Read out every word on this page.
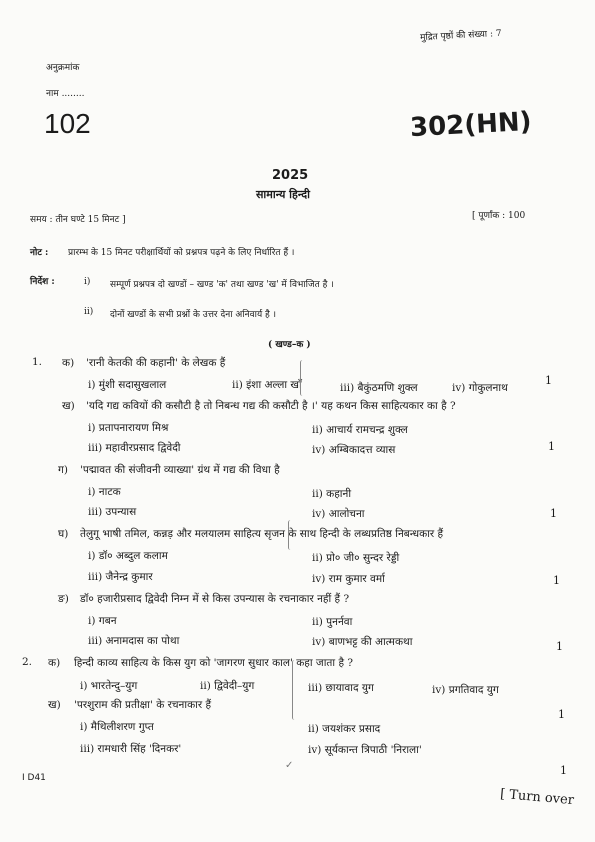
मुद्रित पृष्ठों की संख्या : 7
अनुक्रमांक
नाम ........
102	302(HN)
2025
सामान्य हिन्दी
समय : तीन घण्टे 15 मिनट ]	[ पूर्णांक : 100
नोट : प्रारम्भ के 15 मिनट परीक्षार्थियों को प्रश्नपत्र पढ़ने के लिए निर्धारित हैं ।
निर्देश :	i) सम्पूर्ण प्रश्नपत्र दो खण्डों – खण्ड 'क' तथा खण्ड 'ख' में विभाजित है ।
ii) दोनों खण्डों के सभी प्रश्नों के उत्तर देना अनिवार्य है ।
( खण्ड–क )
1. क) 'रानी केतकी की कहानी' के लेखक हैं
i) मुंशी सदासुखलाल	ii) इंशा अल्ला खाँ	iii) बैकुंठमणि शुक्ल	iv) गोकुलनाथ
1
ख) 'यदि गद्य कवियों की कसौटी है तो निबन्ध गद्य की कसौटी है ।' यह कथन किस साहित्यकार का है ?
i) प्रतापनारायण मिश्र	ii) आचार्य रामचन्द्र शुक्ल
iii) महावीरप्रसाद द्विवेदी	iv) अम्बिकादत्त व्यास	1
ग) 'पद्मावत की संजीवनी व्याख्या' ग्रंथ में गद्य की विधा है
i) नाटक	ii) कहानी
iii) उपन्यास	iv) आलोचना	1
घ) तेलुगू भाषी तमिल, कन्नड़ और मलयालम साहित्य सृजन के साथ हिन्दी के लब्धप्रतिष्ठ निबन्धकार हैं
i) डॉ० अब्दुल कलाम	ii) प्रो० जी० सुन्दर रेड्डी
iii) जैनेन्द्र कुमार	iv) राम कुमार वर्मा	1
ङ) डॉ० हजारीप्रसाद द्विवेदी निम्न में से किस उपन्यास के रचनाकार नहीं हैं ?
i) गबन	ii) पुनर्नवा
iii) अनामदास का पोथा	iv) बाणभट्ट की आत्मकथा	1
2. क) हिन्दी काव्य साहित्य के किस युग को 'जागरण सुधार काल' कहा जाता है ?
i) भारतेन्दु–युग	ii) द्विवेदी–युग	iii) छायावाद युग	iv) प्रगतिवाद युग
1
ख) 'परशुराम की प्रतीक्षा' के रचनाकार हैं
i) मैथिलीशरण गुप्त	ii) जयशंकर प्रसाद
iii) रामधारी सिंह 'दिनकर'	iv) सूर्यकान्त त्रिपाठी 'निराला'
1
I D41
[ Turn over
✓
